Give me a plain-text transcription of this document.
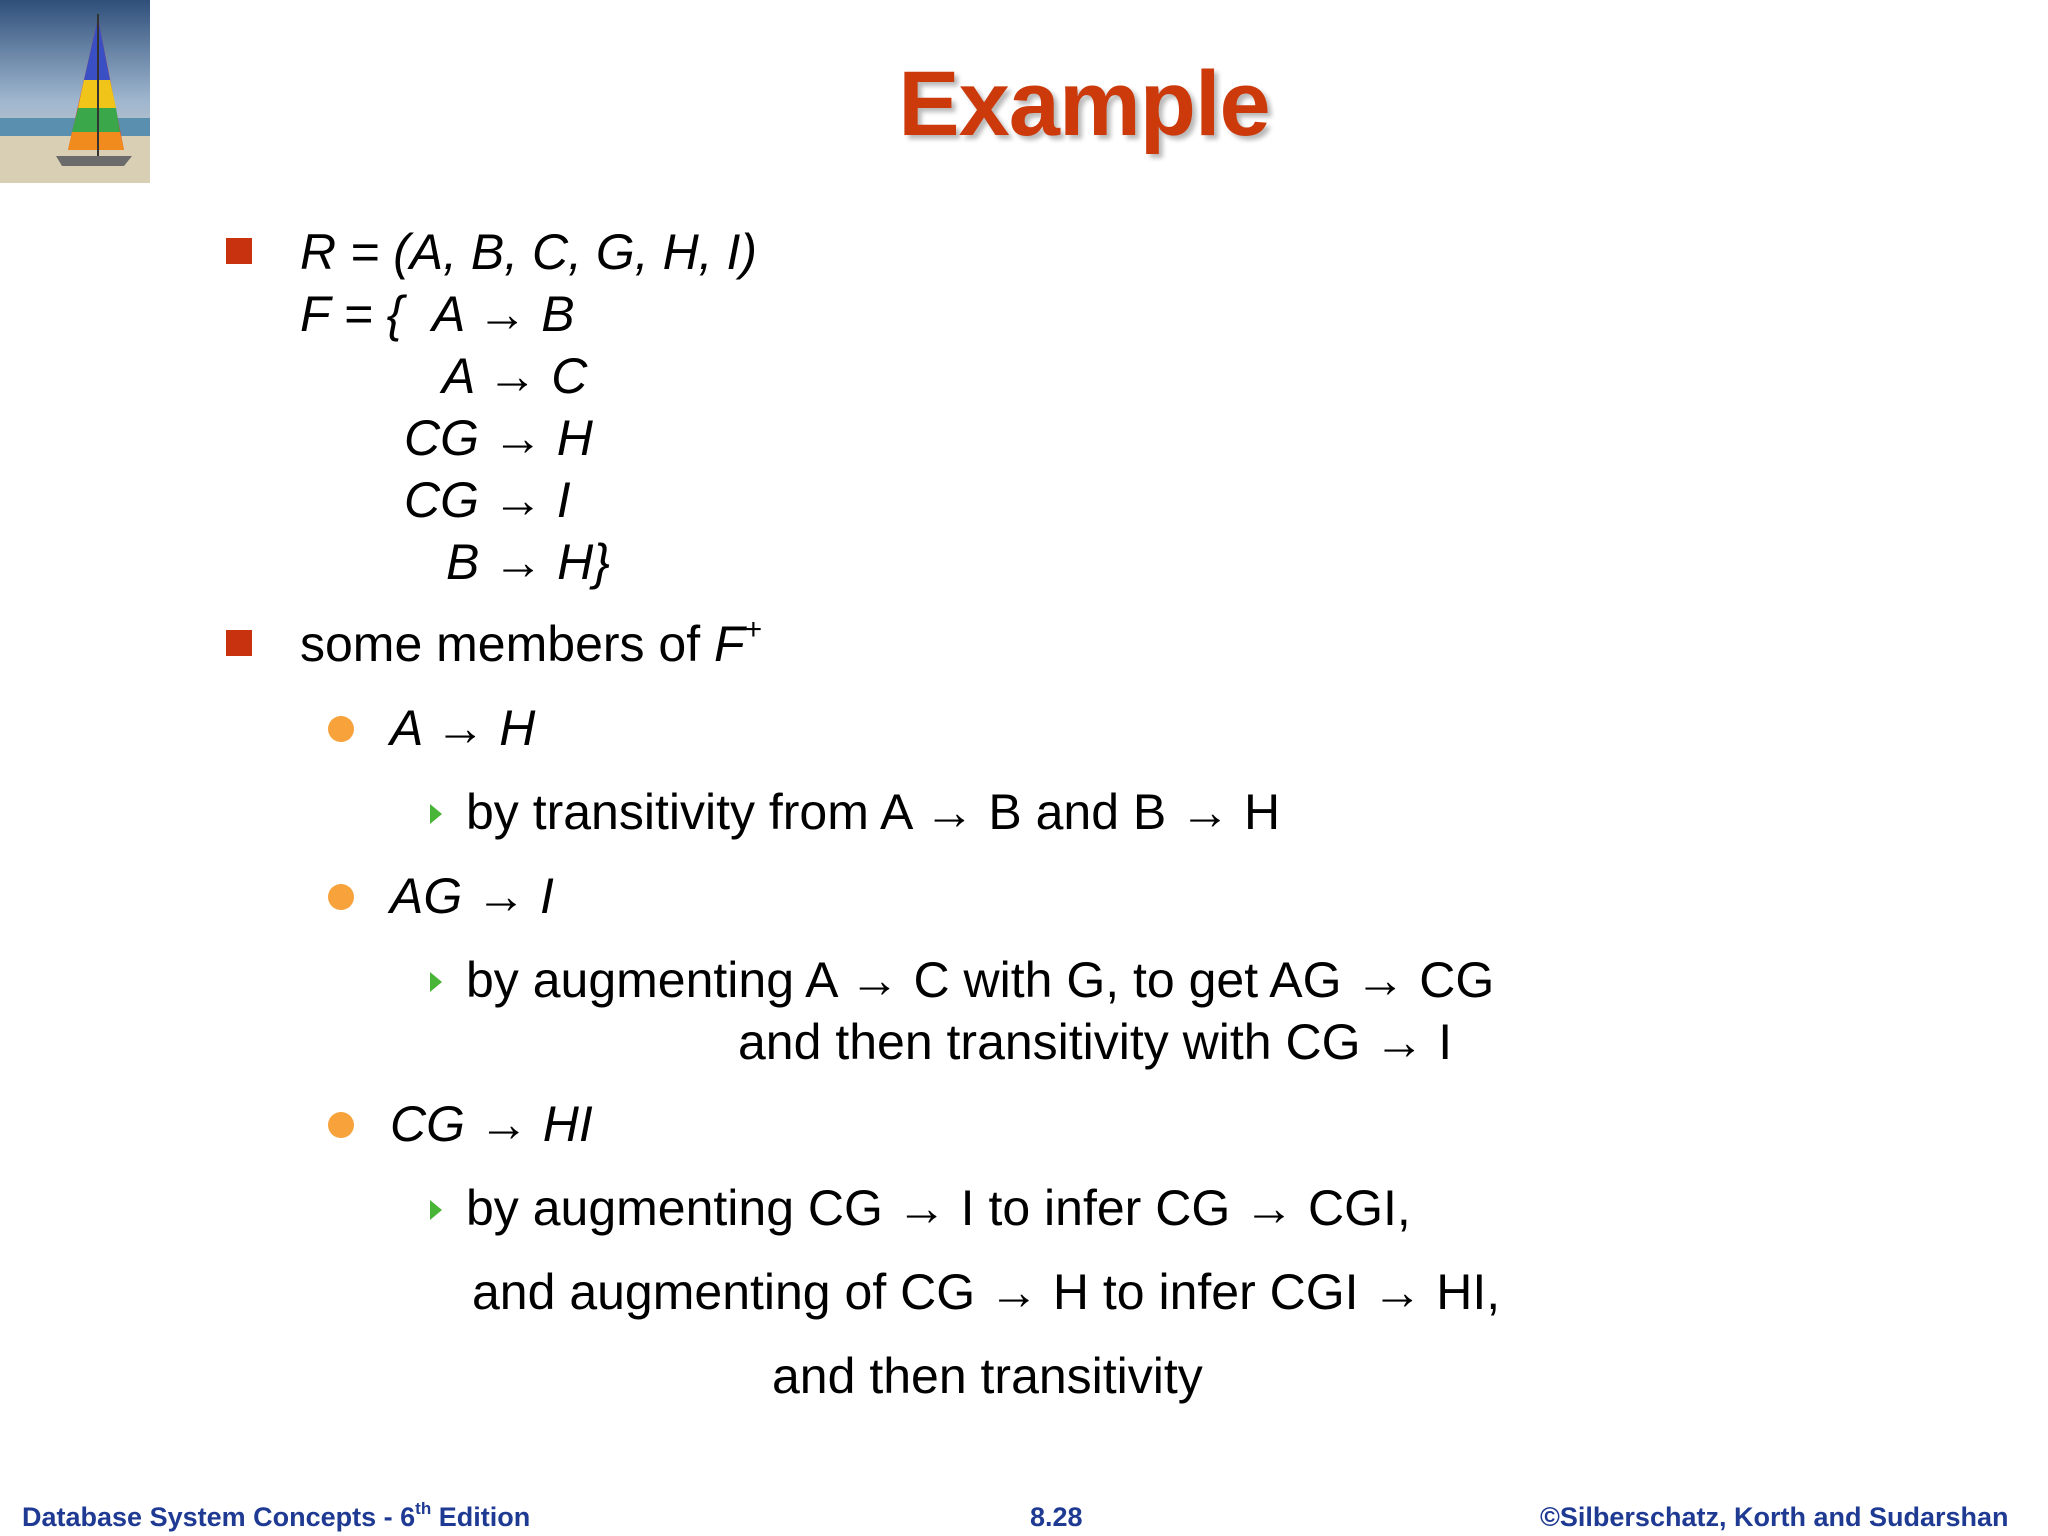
Example
R = (A, B, C, G, H, I)
F = { A → B
A → C
CG → H
CG → I
B → H}
some members of F+
A → H
by transitivity from A → B and B → H
AG → I
by augmenting A → C with G, to get AG → CG
and then transitivity with CG → I
CG → HI
by augmenting CG → I to infer CG → CGI,
and augmenting of CG → H to infer CGI → HI,
and then transitivity
Database System Concepts - 6th Edition	8.28	©Silberschatz, Korth and Sudarshan
